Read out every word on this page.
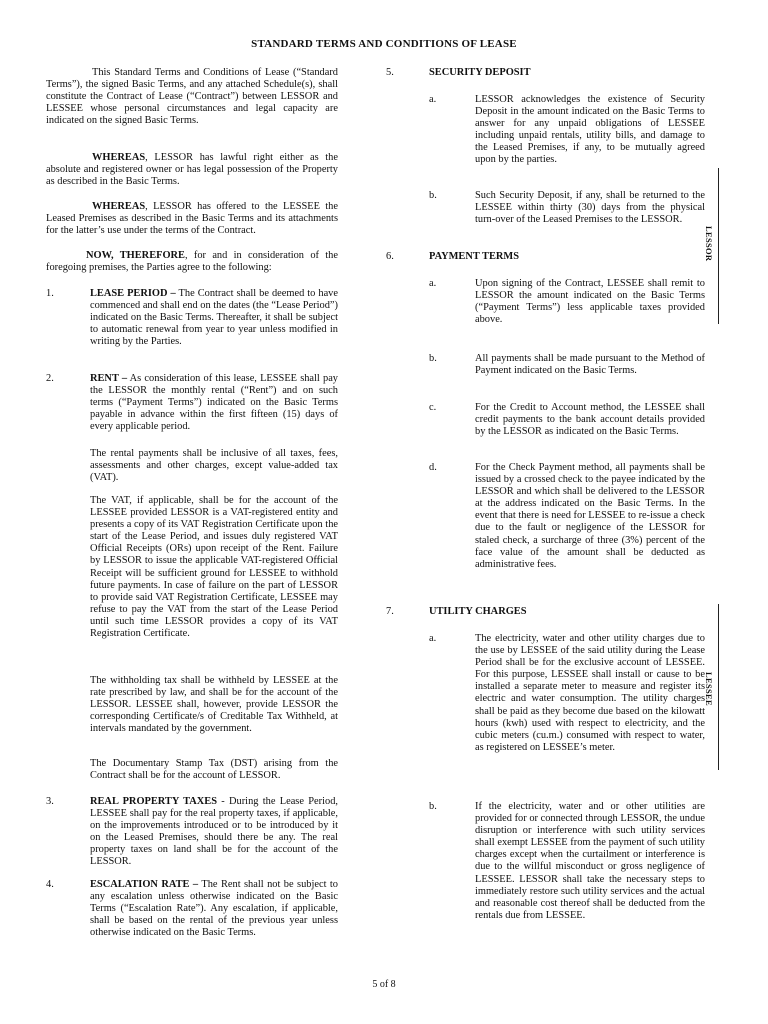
STANDARD TERMS AND CONDITIONS OF LEASE
This Standard Terms and Conditions of Lease (“Standard Terms”), the signed Basic Terms, and any attached Schedule(s), shall constitute the Contract of Lease (“Contract”) between LESSOR and LESSEE whose personal circumstances and legal capacity are indicated on the signed Basic Terms.
WHEREAS, LESSOR has lawful right either as the absolute and registered owner or has legal possession of the Property as described in the Basic Terms.
WHEREAS, LESSOR has offered to the LESSEE the Leased Premises as described in the Basic Terms and its attachments for the latter’s use under the terms of the Contract.
NOW, THEREFORE, for and in consideration of the foregoing premises, the Parties agree to the following:
1.	LEASE PERIOD – The Contract shall be deemed to have commenced and shall end on the dates (the “Lease Period”) indicated on the Basic Terms. Thereafter, it shall be subject to automatic renewal from year to year unless modified in writing by the Parties.
2.	RENT – As consideration of this lease, LESSEE shall pay the LESSOR the monthly rental (“Rent”) and on such terms (“Payment Terms”) indicated on the Basic Terms payable in advance within the first fifteen (15) days of every applicable period.
The rental payments shall be inclusive of all taxes, fees, assessments and other charges, except value-added tax (VAT).
The VAT, if applicable, shall be for the account of the LESSEE provided LESSOR is a VAT-registered entity and presents a copy of its VAT Registration Certificate upon the start of the Lease Period, and issues duly registered VAT Official Receipts (ORs) upon receipt of the Rent. Failure by LESSOR to issue the applicable VAT-registered Official Receipt will be sufficient ground for LESSEE to withhold future payments. In case of failure on the part of LESSOR to provide said VAT Registration Certificate, LESSEE may refuse to pay the VAT from the start of the Lease Period until such time LESSOR provides a copy of its VAT Registration Certificate.
The withholding tax shall be withheld by LESSEE at the rate prescribed by law, and shall be for the account of the LESSOR. LESSEE shall, however, provide LESSOR the corresponding Certificate/s of Creditable Tax Withheld, at intervals mandated by the government.
The Documentary Stamp Tax (DST) arising from the Contract shall be for the account of LESSOR.
3.	REAL PROPERTY TAXES - During the Lease Period, LESSEE shall pay for the real property taxes, if applicable, on the improvements introduced or to be introduced by it on the Leased Premises, should there be any. The real property taxes on land shall be for the account of the LESSOR.
4.	ESCALATION RATE – The Rent shall not be subject to any escalation unless otherwise indicated on the Basic Terms (“Escalation Rate”). Any escalation, if applicable, shall be based on the rental of the previous year unless otherwise indicated on the Basic Terms.
5.	SECURITY DEPOSIT
a.	LESSOR acknowledges the existence of Security Deposit in the amount indicated on the Basic Terms to answer for any unpaid obligations of LESSEE including unpaid rentals, utility bills, and damage to the Leased Premises, if any, to be mutually agreed upon by the parties.
b.	Such Security Deposit, if any, shall be returned to the LESSEE within thirty (30) days from the physical turn-over of the Leased Premises to the LESSOR.
6.	PAYMENT TERMS
a.	Upon signing of the Contract, LESSEE shall remit to LESSOR the amount indicated on the Basic Terms (“Payment Terms”) less applicable taxes provided above.
b.	All payments shall be made pursuant to the Method of Payment indicated on the Basic Terms.
c.	For the Credit to Account method, the LESSEE shall credit payments to the bank account details provided by the LESSOR as indicated on the Basic Terms.
d.	For the Check Payment method, all payments shall be issued by a crossed check to the payee indicated by the LESSOR and which shall be delivered to the LESSOR at the address indicated on the Basic Terms. In the event that there is need for LESSEE to re-issue a check due to the fault or negligence of the LESSOR for staled check, a surcharge of three (3%) percent of the face value of the amount shall be deducted as administrative fees.
7.	UTILITY CHARGES
a.	The electricity, water and other utility charges due to the use by LESSEE of the said utility during the Lease Period shall be for the exclusive account of LESSEE. For this purpose, LESSEE shall install or cause to be installed a separate meter to measure and register its electric and water consumption. The utility charges shall be paid as they become due based on the kilowatt hours (kwh) used with respect to electricity, and the cubic meters (cu.m.) consumed with respect to water, as registered on LESSEE’s meter.
b.	If the electricity, water and or other utilities are provided for or connected through LESSOR, the undue disruption or interference with such utility services shall exempt LESSEE from the payment of such utility charges except when the curtailment or interference is due to the willful misconduct or gross negligence of LESSEE. LESSOR shall take the necessary steps to immediately restore such utility services and the actual and reasonable cost thereof shall be deducted from the rentals due from LESSEE.
LESSOR
LESSEE
5 of 8
